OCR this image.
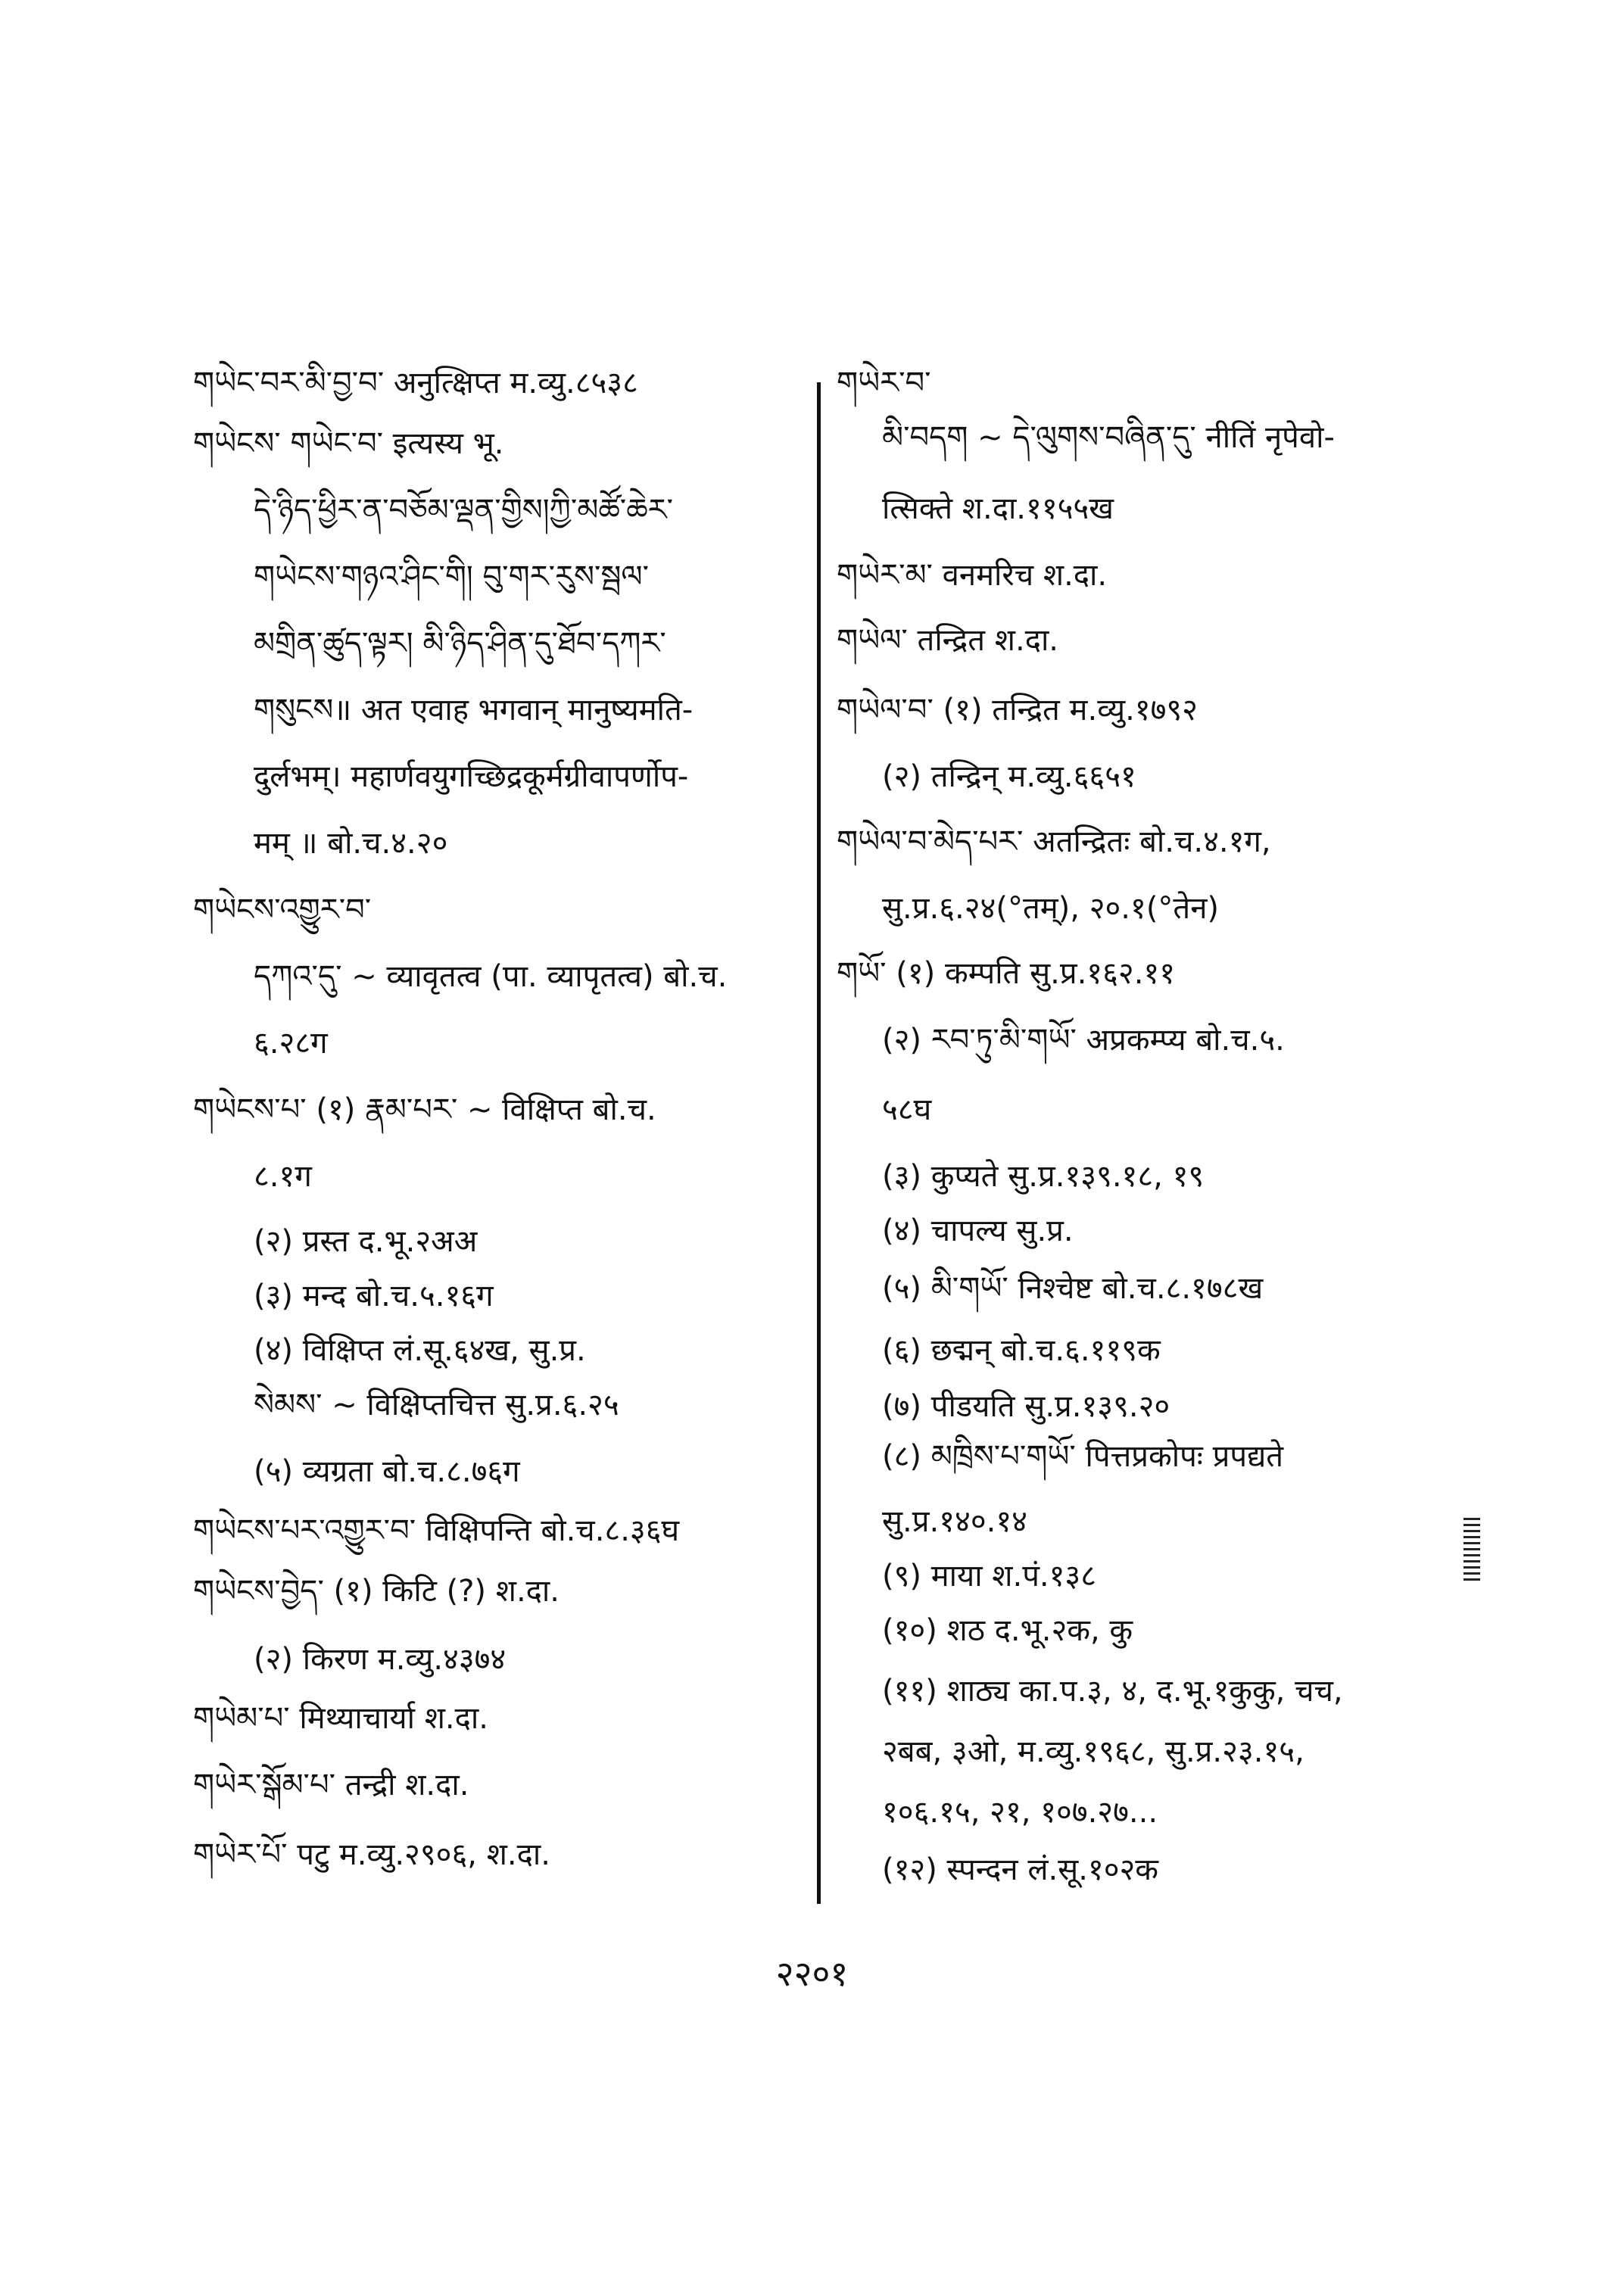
གཡེང་བར་མི་བྱ་བ་ अनुत्क्षिप्त म.व्यु.८५३८
གཡེངས་ གཡེང་བ་ इत्यस्य भू.
དེ་ཉིད་ཕྱིར་ན་བཅོམ་ལྡན་གྱིས།ཀྱི་མཚོ་ཆེར་
གཡེངས་གཉའ་ཤིང་གི། བུ་གར་རུས་སྦལ་
མགྲིན་ཚུད་ལྟར། མི་ཉིད་ཤིན་དུ་ཐོབ་དཀར་
གསུངས॥ अत एवाह भगवान् मानुष्यमति-
दुर्लभम्। महार्णवयुगच्छिद्रकूर्मग्रीवापर्णोप-
मम् ॥ बो.च.४.२०
གཡེངས་འགྱུར་བ་
དཀའ་དུ་ ~ व्यावृतत्व (पा. व्यापृतत्व) बो.च.
६.२८ग
གཡེངས་པ་ (१) རྣམ་པར་ ~ विक्षिप्त बो.च.
८.१ग
(२) प्रस्त द.भू.२अअ
(३) मन्द बो.च.५.१६ग
(४) विक्षिप्त लं.सू.६४ख, सु.प्र.
སེམས་ ~ विक्षिप्तचित्त सु.प्र.६.२५
(५) व्यग्रता बो.च.८.७६ग
གཡེངས་པར་འགྱུར་བ་ विक्षिपन्ति बो.च.८.३६घ
གཡེངས་བྱེད་ (१) किटि (?) श.दा.
(२) किरण म.व्यु.४३७४
གཡེམ་པ་ मिथ्याचार्या श.दा.
གཡེར་སྒོམ་པ་ तन्द्री श.दा.
གཡེར་པོ་ पटु म.व्यु.२९०६, श.दा.
གཡེར་བ་
མི་བདག ~ དེ་ལུགས་བཞིན་དུ་ नीतिं नृपेवो-
त्सिक्ते श.दा.११५५ख
གཡེར་མ་ वनमरिच श.दा.
གཡེལ་ तन्द्रित श.दा.
གཡེལ་བ་ (१) तन्द्रित म.व्यु.१७९२
(२) तन्द्रिन् म.व्यु.६६५१
གཡེལ་བ་མེད་པར་ अतन्द्रितः बो.च.४.१ग,
सु.प्र.६.२४(°तम्), २०.१(°तेन)
གཡོ་ (१) कम्पति सु.प्र.१६२.११
(२) རབ་ཏུ་མི་གཡོ་ अप्रकम्प्य बो.च.५.
५८घ
(३) कुप्यते सु.प्र.१३९.१८, १९
(४) चापल्य सु.प्र.
(५) མི་གཡོ་ निश्चेष्ट बो.च.८.१७८ख
(६) छद्मन् बो.च.६.११९क
(७) पीडयति सु.प्र.१३९.२०
(८) མཁྲིས་པ་གཡོ་ पित्तप्रकोपः प्रपद्यते
सु.प्र.१४०.१४
(९) माया श.पं.१३८
(१०) शठ द.भू.२क, कु
(११) शाठ्य का.प.३, ४, द.भू.१कुकु, चच,
२बब, ३ओ, म.व्यु.१९६८, सु.प्र.२३.१५,
१०६.१५, २१, १०७.२७...
(१२) स्पन्दन लं.सू.१०२क
२२०१
